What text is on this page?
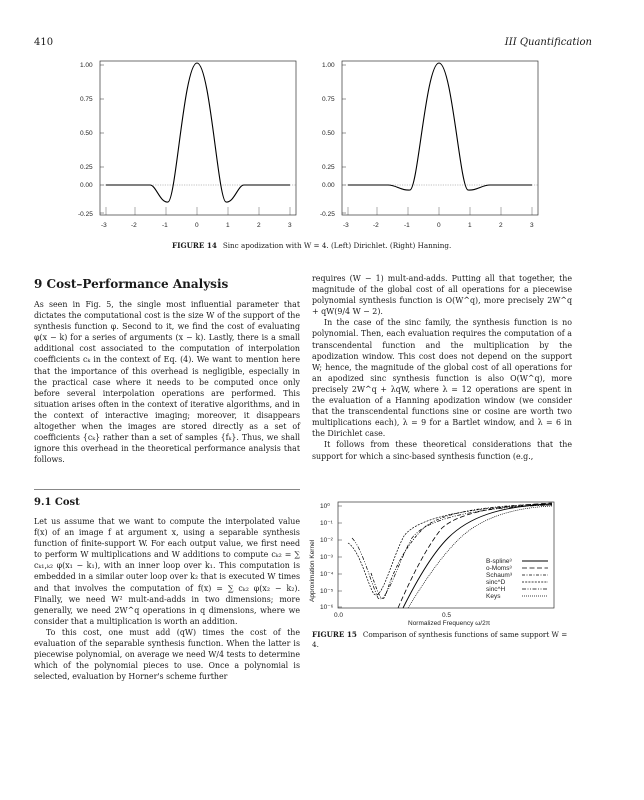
410	III Quantification
1.00
0.75
0.50
0.25
0.00
-0.25
-3	-2	-1	0	1	2	3
1.00
0.75
0.50
0.25
0.00
-0.25
-3	-2	-1	0	1	2	3
FIGURE 14 Sinc apodization with W = 4. (Left) Dirichlet. (Right) Hanning.
9 Cost–Performance Analysis

As seen in Fig. 5, the single most influential parameter that dictates the computational cost is the size W of the support of the synthesis function φ. Second to it, we find the cost of evaluating φ(x − k) for a series of arguments (x − k). Lastly, there is a small additional cost associated to the computation of interpolation coefficients cₖ in the context of Eq. (4). We want to mention here that the importance of this overhead is negligible, especially in the practical case where it needs to be computed once only before several interpolation operations are performed. This situation arises often in the context of iterative algorithms, and in the context of interactive imaging; moreover, it disappears altogether when the images are stored directly as a set of coefficients {cₖ} rather than a set of samples {fₖ}. Thus, we shall ignore this overhead in the theoretical performance analysis that follows.

9.1 Cost

Let us assume that we want to compute the interpolated value f(x) of an image f at argument x, using a separable synthesis function of finite-support W. For each output value, we first need to perform W multiplications and W additions to compute cₖ₂ = ∑ cₖ₁,ₖ₂ φ(x₁ − k₁), with an inner loop over k₁. This computation is embedded in a similar outer loop over k₂ that is executed W times and that involves the computation of f(x) = ∑ cₖ₂ φ(x₂ − k₂). Finally, we need W² mult-and-adds in two dimensions; more generally, we need 2W^q operations in q dimensions, where we consider that a multiplication is worth an addition.

To this cost, one must add (qW) times the cost of the evaluation of the separable synthesis function. When the latter is piecewise polynomial, on average we need W/4 tests to determine which of the polynomial pieces to use. Once a polynomial is selected, evaluation by Horner's scheme further

requires (W − 1) mult-and-adds. Putting all that together, the magnitude of the global cost of all operations for a piecewise polynomial synthesis function is O(W^q), more precisely 2W^q + qW(9/4 W − 2).

In the case of the sinc family, the synthesis function is no polynomial. Then, each evaluation requires the computation of a transcendental function and the multiplication by the apodization window. This cost does not depend on the support W; hence, the magnitude of the global cost of all operations for an apodized sinc synthesis function is also O(W^q), more precisely 2W^q + λqW, where λ = 12 operations are spent in the evaluation of a Hanning apodization window (we consider that the transcendental functions sine or cosine are worth two multiplications each), λ = 9 for a Bartlet window, and λ = 6 in the Dirichlet case.

It follows from these theoretical considerations that the support for which a sinc-based synthesis function (e.g.,

Approximation Kernel
10⁰
10⁻¹
10⁻²
10⁻³
10⁻⁴
10⁻⁵
10⁻⁶
B-spline³
o-Moms³
Schaum³
sinc^D
sinc^H
Keys
0.0	0.5
Normalized Frequency ω/2π
FIGURE 15 Comparison of synthesis functions of same support W = 4.
